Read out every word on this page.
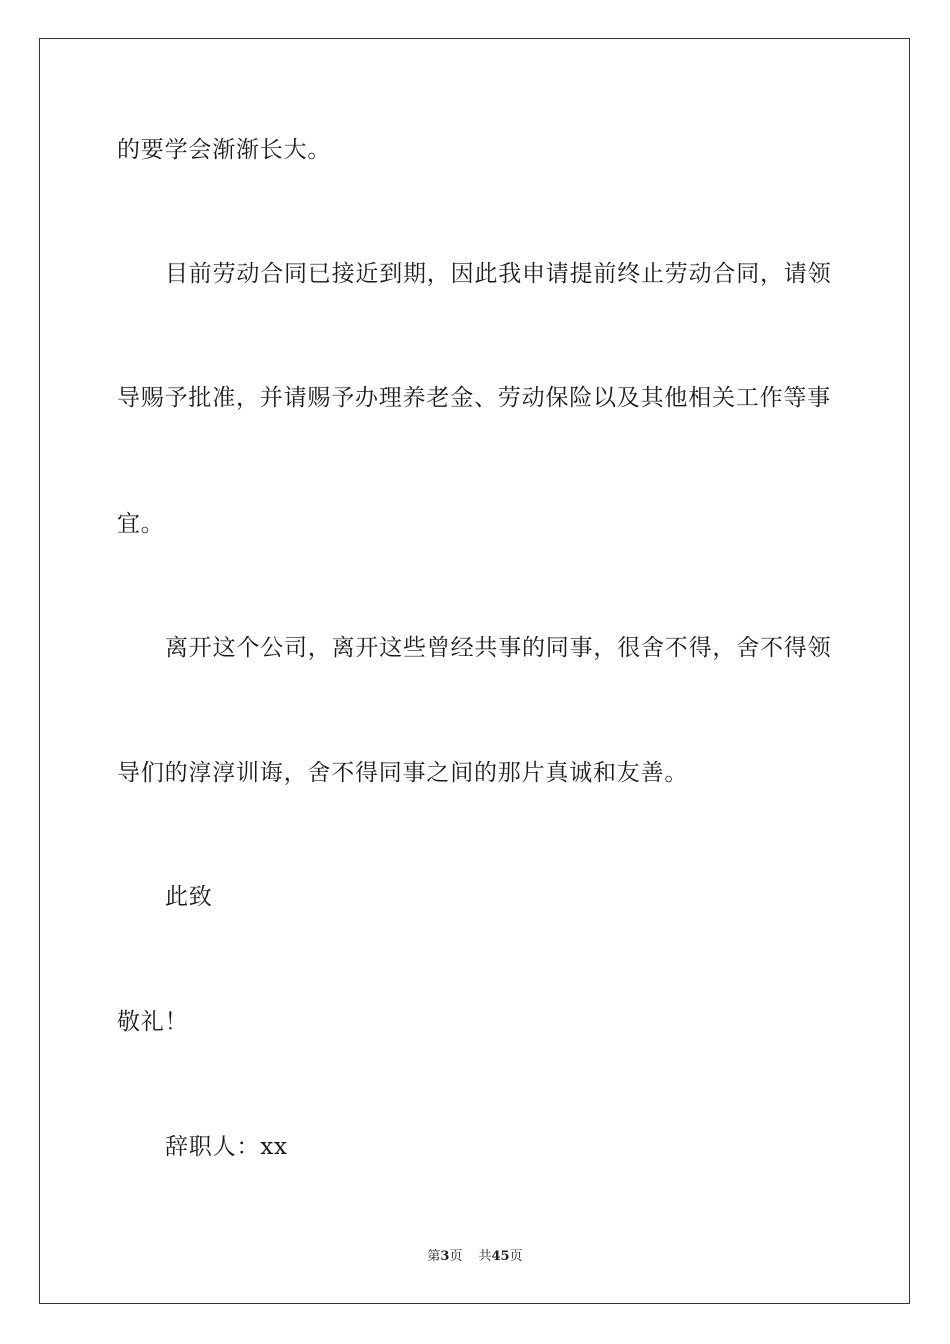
的要学会渐渐长大。
目前劳动合同已接近到期，因此我申请提前终止劳动合同，请领
导赐予批准，并请赐予办理养老金、劳动保险以及其他相关工作等事
宜。
离开这个公司，离开这些曾经共事的同事，很舍不得，舍不得领
导们的淳淳训诲，舍不得同事之间的那片真诚和友善。
此致
敬礼！
辞职人：xx
第3页 共45页
